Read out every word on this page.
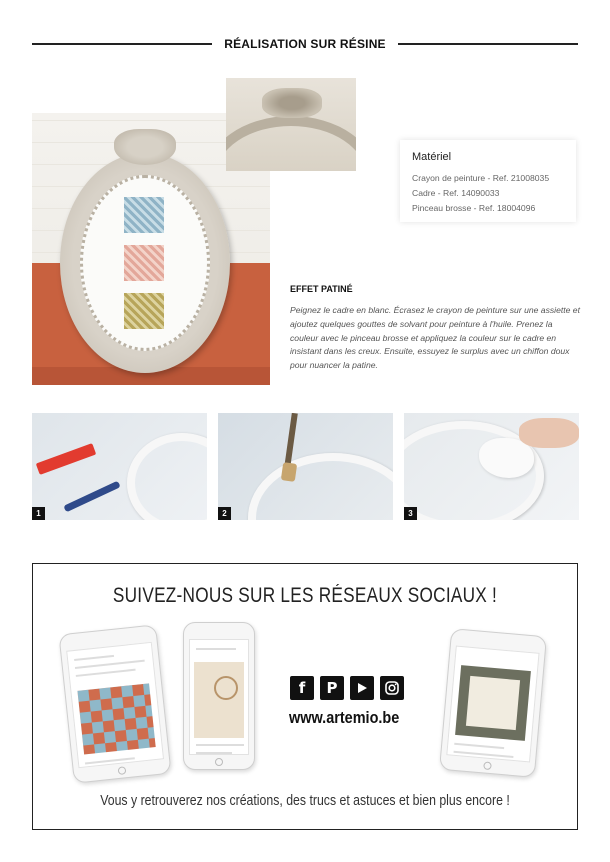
RÉALISATION SUR RÉSINE
Matériel

Crayon de peinture - Ref. 21008035

Cadre - Ref. 14090033

Pinceau brosse - Ref. 18004096

EFFET PATINÉ

Peignez le cadre en blanc. Écrasez le crayon de peinture sur une assiette et ajoutez quelques gouttes de solvant pour peinture à l'huile. Prenez la couleur avec le pinceau brosse et appliquez la couleur sur le cadre en insistant dans les creux. Ensuite, essuyez le surplus avec un chiffon doux pour nuancer la patine.

1	2	3
SUIVEZ-NOUS SUR LES RÉSEAUX SOCIAUX !
f	P
www.artemio.be
Vous y retrouverez nos créations, des trucs et astuces et bien plus encore !
